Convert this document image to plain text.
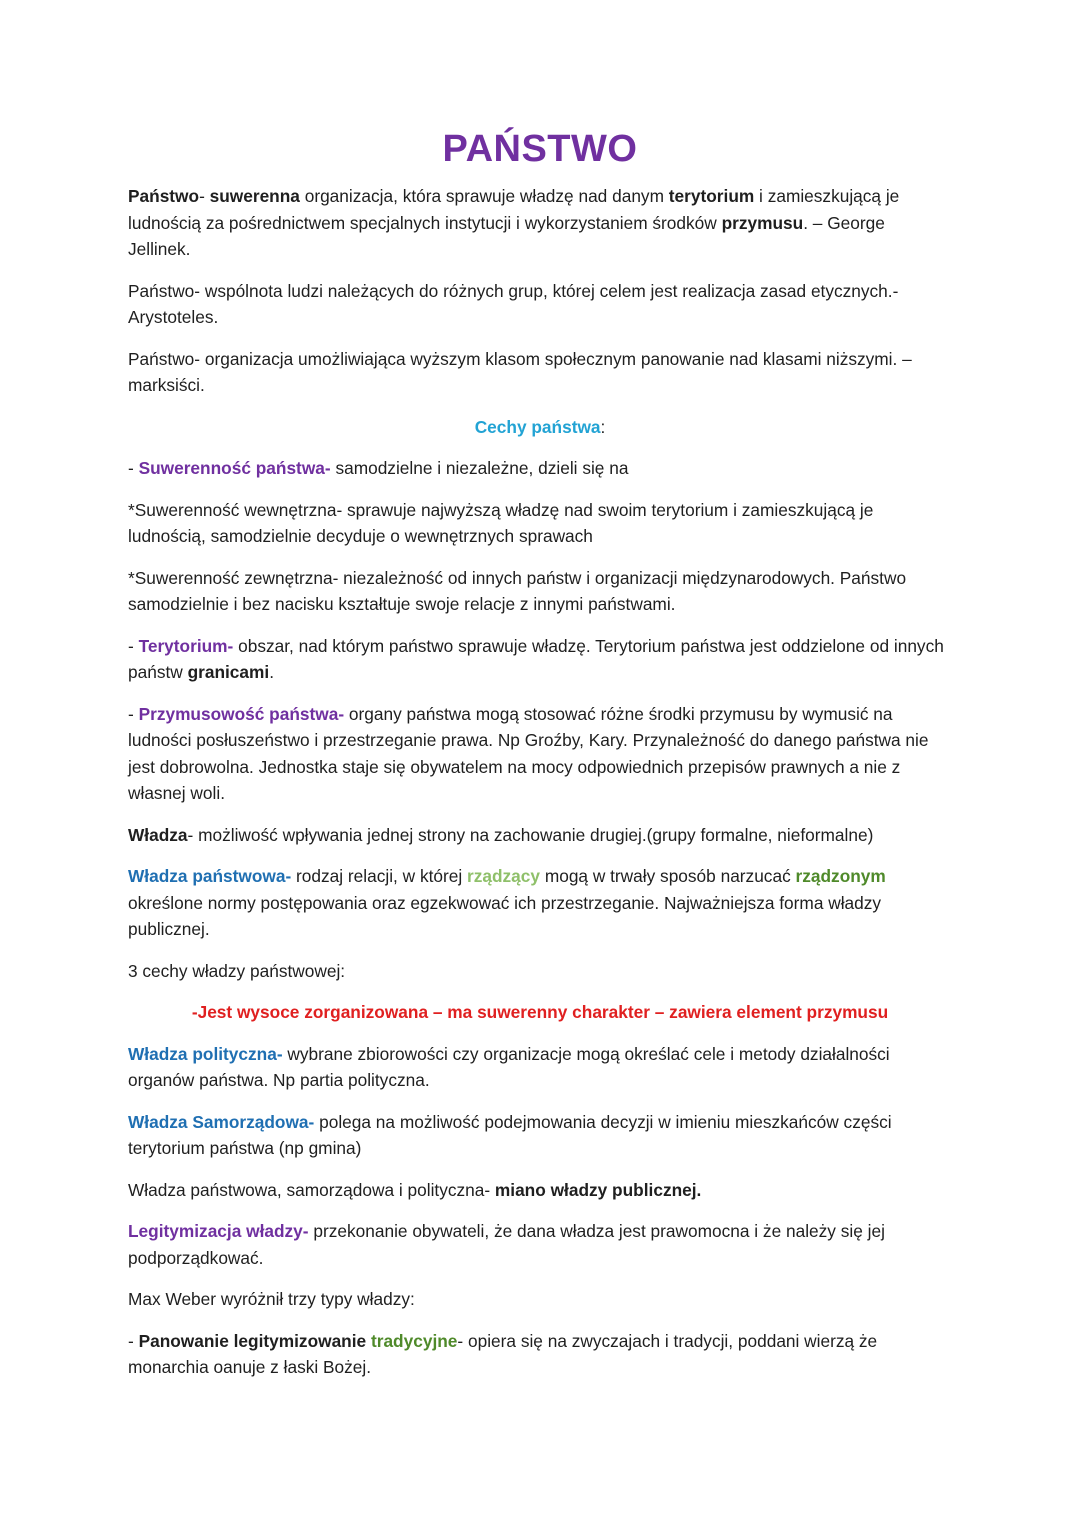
PAŃSTWO

Państwo- suwerenna organizacja, która sprawuje władzę nad danym terytorium i zamieszkującą je ludnością za pośrednictwem specjalnych instytucji i wykorzystaniem środków przymusu. – George Jellinek.

Państwo- wspólnota ludzi należących do różnych grup, której celem jest realizacja zasad etycznych.- Arystoteles.

Państwo- organizacja umożliwiająca wyższym klasom społecznym panowanie nad klasami niższymi. – marksiści.

Cechy państwa:

- Suwerenność państwa- samodzielne i niezależne, dzieli się na

*Suwerenność wewnętrzna- sprawuje najwyższą władzę nad swoim terytorium i zamieszkującą je ludnością, samodzielnie decyduje o wewnętrznych sprawach

*Suwerenność zewnętrzna- niezależność od innych państw i organizacji międzynarodowych. Państwo samodzielnie i bez nacisku kształtuje swoje relacje z innymi państwami.

- Terytorium- obszar, nad którym państwo sprawuje władzę. Terytorium państwa jest oddzielone od innych państw granicami.

- Przymusowość państwa- organy państwa mogą stosować różne środki przymusu by wymusić na ludności posłuszeństwo i przestrzeganie prawa. Np Groźby, Kary. Przynależność do danego państwa nie jest dobrowolna. Jednostka staje się obywatelem na mocy odpowiednich przepisów prawnych a nie z własnej woli.

Władza- możliwość wpływania jednej strony na zachowanie drugiej.(grupy formalne, nieformalne)

Władza państwowa- rodzaj relacji, w której rządzący mogą w trwały sposób narzucać rządzonym określone normy postępowania oraz egzekwować ich przestrzeganie. Najważniejsza forma władzy publicznej.

3 cechy władzy państwowej:

-Jest wysoce zorganizowana – ma suwerenny charakter – zawiera element przymusu

Władza polityczna- wybrane zbiorowości czy organizacje mogą określać cele i metody działalności organów państwa. Np partia polityczna.

Władza Samorządowa- polega na możliwość podejmowania decyzji w imieniu mieszkańców części terytorium państwa (np gmina)

Władza państwowa, samorządowa i polityczna- miano władzy publicznej.

Legitymizacja władzy- przekonanie obywateli, że dana władza jest prawomocna i że należy się jej podporządkować.

Max Weber wyróżnił trzy typy władzy:

- Panowanie legitymizowanie tradycyjne- opiera się na zwyczajach i tradycji, poddani wierzą że monarchia oanuje z łaski Bożej.
